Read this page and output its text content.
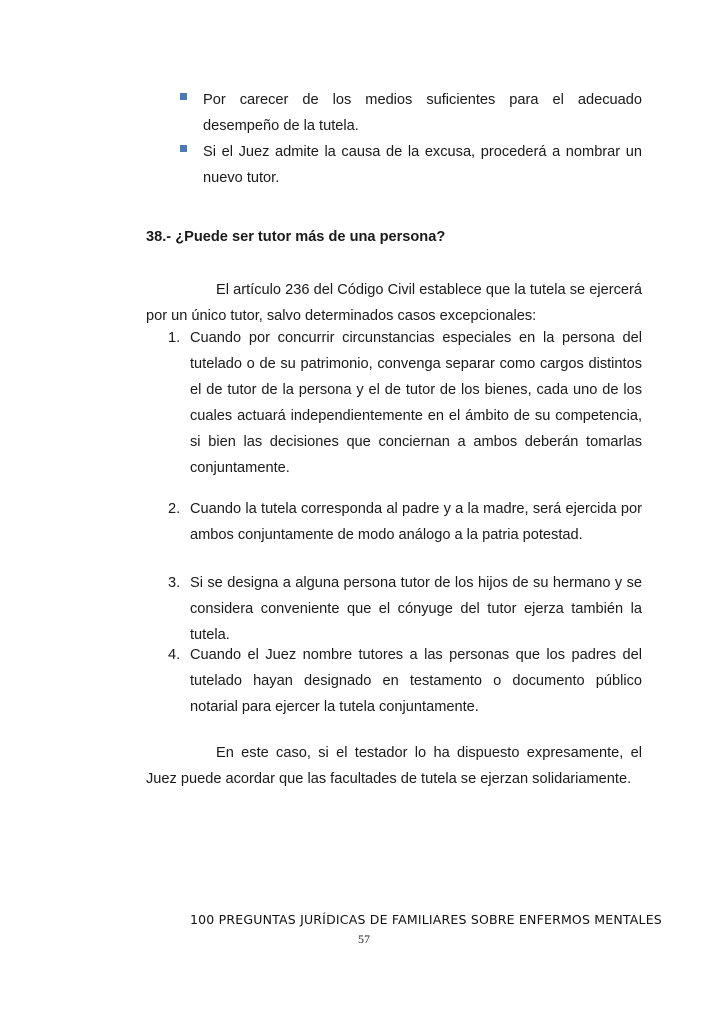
Por carecer de los medios suficientes para el adecuado desempeño de la tutela.
Si el Juez admite la causa de la excusa, procederá a nombrar un nuevo tutor.
38.- ¿Puede ser tutor más de una persona?
El artículo 236 del Código Civil establece que la tutela se ejercerá por un único tutor, salvo determinados casos excepcionales:
1. Cuando por concurrir circunstancias especiales en la persona del tutelado o de su patrimonio, convenga separar como cargos distintos el de tutor de la persona y el de tutor de los bienes, cada uno de los cuales actuará independientemente en el ámbito de su competencia, si bien las decisiones que conciernan a ambos deberán tomarlas conjuntamente.
2. Cuando la tutela corresponda al padre y a la madre, será ejercida por ambos conjuntamente de modo análogo a la patria potestad.
3. Si se designa a alguna persona tutor de los hijos de su hermano y se considera conveniente que el cónyuge del tutor ejerza también la tutela.
4. Cuando el Juez nombre tutores a las personas que los padres del tutelado hayan designado en testamento o documento público notarial para ejercer la tutela conjuntamente.
En este caso, si el testador lo ha dispuesto expresamente, el Juez puede acordar que las facultades de tutela se ejerzan solidariamente.
100 PREGUNTAS JURÍDICAS DE FAMILIARES SOBRE ENFERMOS MENTALES
57
